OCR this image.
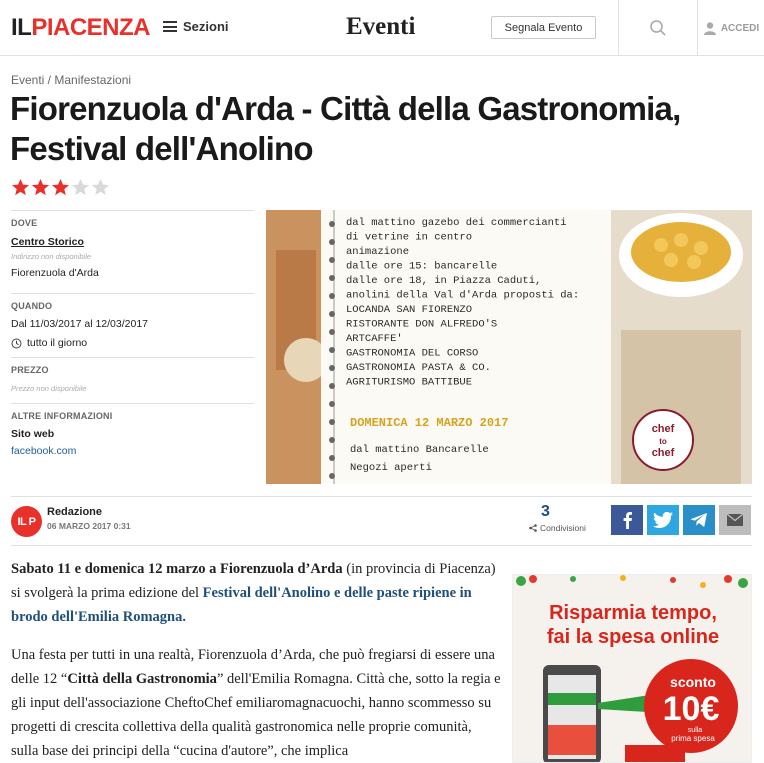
ILPIACENZA	Sezioni	Eventi	Segnala Evento	ACCEDI
Eventi / Manifestazioni
Fiorenzuola d'Arda - Città della Gastronomia, Festival dell'Anolino
DOVE
Centro Storico
Indirizzo non disponibile
Fiorenzuola d'Arda
QUANDO
Dal 11/03/2017 al 12/03/2017
tutto il giorno
PREZZO
Prezzo non disponibile
ALTRE INFORMAZIONI
Sito web
facebook.com
chef
to
chef
dal mattino gazebo dei commercianti
di vetrine in centro
animazione
dalle ore 15: bancarelle
dalle ore 18, in Piazza Caduti,
anolini della Val d'Arda proposti da:
LOCANDA SAN FIORENZO
RISTORANTE DON ALFREDO'S
ARTCAFFE'
GASTRONOMIA DEL CORSO
GASTRONOMIA PASTA & CO.
AGRITURISMO BATTIBUE
DOMENICA 12 MARZO 2017
dal mattino Bancarelle
Negozi aperti
IL P
Redazione
06 MARZO 2017 0:31
3
Condivisioni

Sabato 11 e domenica 12 marzo a Fiorenzuola d’Arda (in provincia di Piacenza) si svolgerà la prima edizione del Festival dell'Anolino e delle paste ripiene in brodo dell'Emilia Romagna.

Una festa per tutti in una realtà, Fiorenzuola d’Arda, che può fregiarsi di essere una delle 12 “Città della Gastronomia” dell'Emilia Romagna. Città che, sotto la regia e gli input dell'associazione CheftoChef emiliaromagnacuochi, hanno scommesso su progetti di crescita collettiva della qualità gastronomica nelle proprie comunità, sulla base dei principi della “cucina d'autore”, che implica

Risparmia tempo,
fai la spesa online
sconto
10€
sulla
prima spesa
